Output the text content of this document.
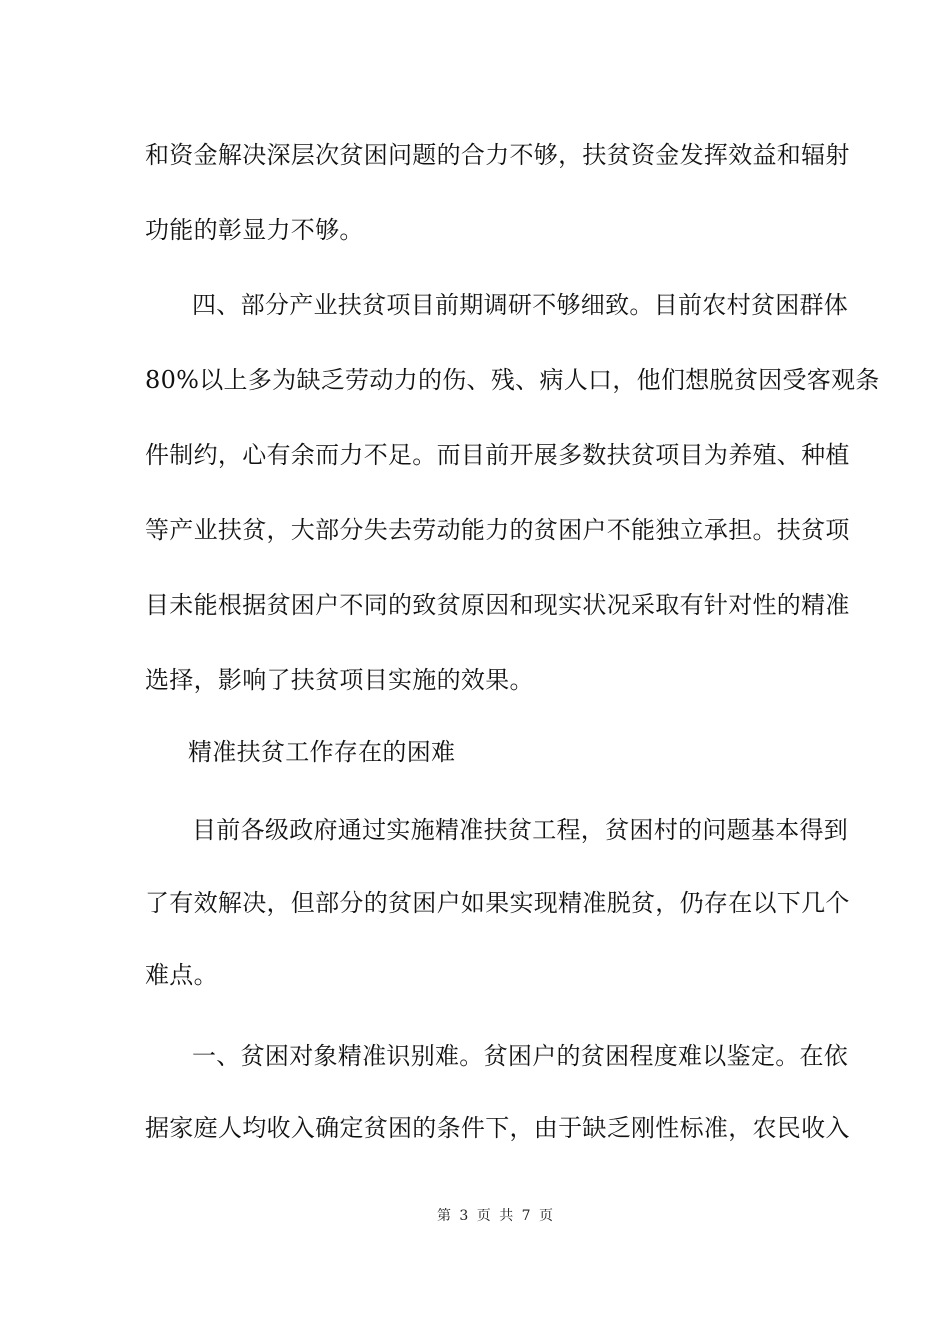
和资金解决深层次贫困问题的合力不够，扶贫资金发挥效益和辐射
功能的彰显力不够。
四、部分产业扶贫项目前期调研不够细致。目前农村贫困群体
80%以上多为缺乏劳动力的伤、残、病人口，他们想脱贫因受客观条
件制约，心有余而力不足。而目前开展多数扶贫项目为养殖、种植
等产业扶贫，大部分失去劳动能力的贫困户不能独立承担。扶贫项
目未能根据贫困户不同的致贫原因和现实状况采取有针对性的精准
选择，影响了扶贫项目实施的效果。
精准扶贫工作存在的困难
目前各级政府通过实施精准扶贫工程，贫困村的问题基本得到
了有效解决，但部分的贫困户如果实现精准脱贫，仍存在以下几个
难点。
一、贫困对象精准识别难。贫困户的贫困程度难以鉴定。在依
据家庭人均收入确定贫困的条件下，由于缺乏刚性标准，农民收入
第 3 页 共 7 页
